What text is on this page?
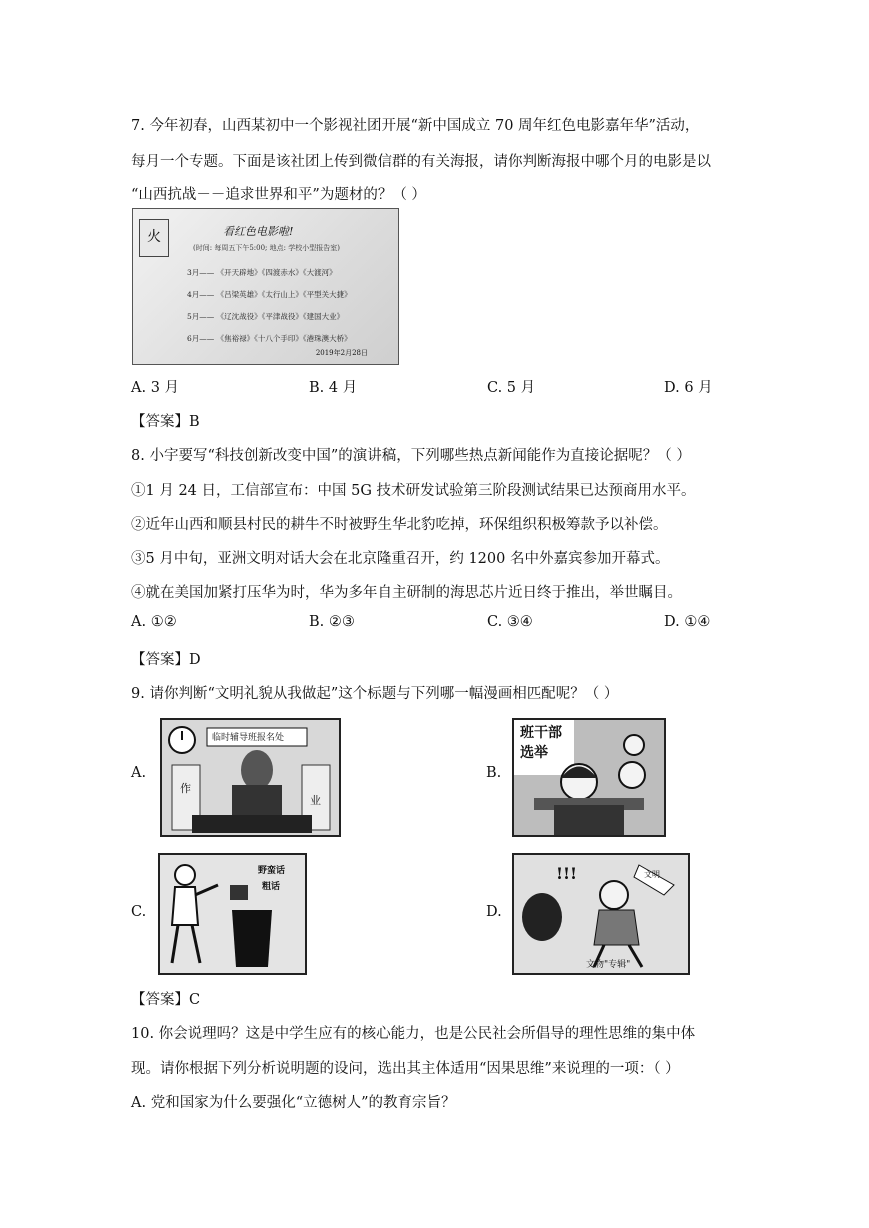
7. 今年初春，山西某初中一个影视社团开展“新中国成立 70 周年红色电影嘉年华”活动，
每月一个专题。下面是该社团上传到微信群的有关海报，请你判断海报中哪个月的电影是以
“山西抗战－－追求世界和平”为题材的？（ ）
火	看红色电影啦!
(时间: 每周五下午5:00; 地点: 学校小型报告室)
3月—— 《开天辟地》《四渡赤水》《大渡河》
4月—— 《吕梁英雄》《太行山上》《平型关大捷》
5月—— 《辽沈战役》《平津战役》《建国大业》
6月—— 《焦裕禄》《十八个手印》《港珠澳大桥》
2019年2月28日
A. 3 月	B. 4 月	C. 5 月	D. 6 月
【答案】B
8. 小宇要写“科技创新改变中国”的演讲稿，下列哪些热点新闻能作为直接论据呢？（ ）
①1 月 24 日，工信部宣布：中国 5G 技术研发试验第三阶段测试结果已达预商用水平。
②近年山西和顺县村民的耕牛不时被野生华北豹吃掉，环保组织积极筹款予以补偿。
③5 月中旬，亚洲文明对话大会在北京隆重召开，约 1200 名中外嘉宾参加开幕式。
④就在美国加紧打压华为时，华为多年自主研制的海思芯片近日终于推出，举世瞩目。
A. ①②	B. ②③	C. ③④	D. ①④
【答案】D
9. 请你判断“文明礼貌从我做起”这个标题与下列哪一幅漫画相匹配呢？（ ）
A.
临时辅导班报名处
作
业
B.
班干部
选举
C.
野蛮话
粗话
D.
!!!	文明
文物"专辑"
【答案】C
10. 你会说理吗？这是中学生应有的核心能力，也是公民社会所倡导的理性思维的集中体
现。请你根据下列分析说明题的设问，选出其主体适用“因果思维”来说理的一项：（ ）
A. 党和国家为什么要强化“立德树人”的教育宗旨？
